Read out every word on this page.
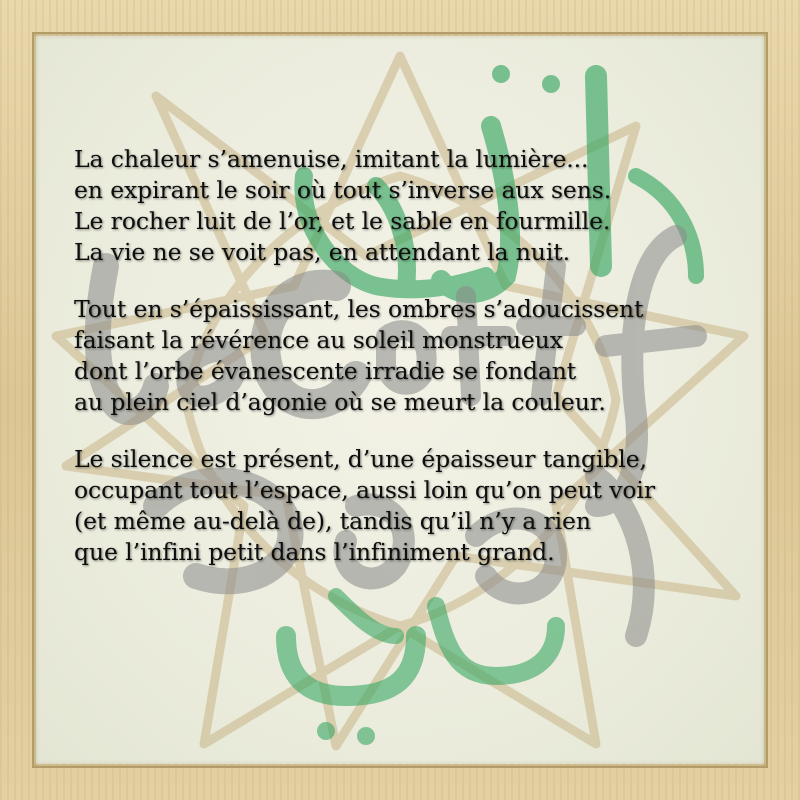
La chaleur s’amenuise, imitant la lumière...
en expirant le soir où tout s’inverse aux sens.
Le rocher luit de l’or, et le sable en fourmille.
La vie ne se voit pas, en attendant la nuit.
Tout en s’épaississant, les ombres s’adoucissent
faisant la révérence au soleil monstrueux
dont l’orbe évanescente irradie se fondant
au plein ciel d’agonie où se meurt la couleur.
Le silence est présent, d’une épaisseur tangible,
occupant tout l’espace, aussi loin qu’on peut voir
(et même au-delà de), tandis qu’il n’y a rien
que l’infini petit dans l’infiniment grand.
